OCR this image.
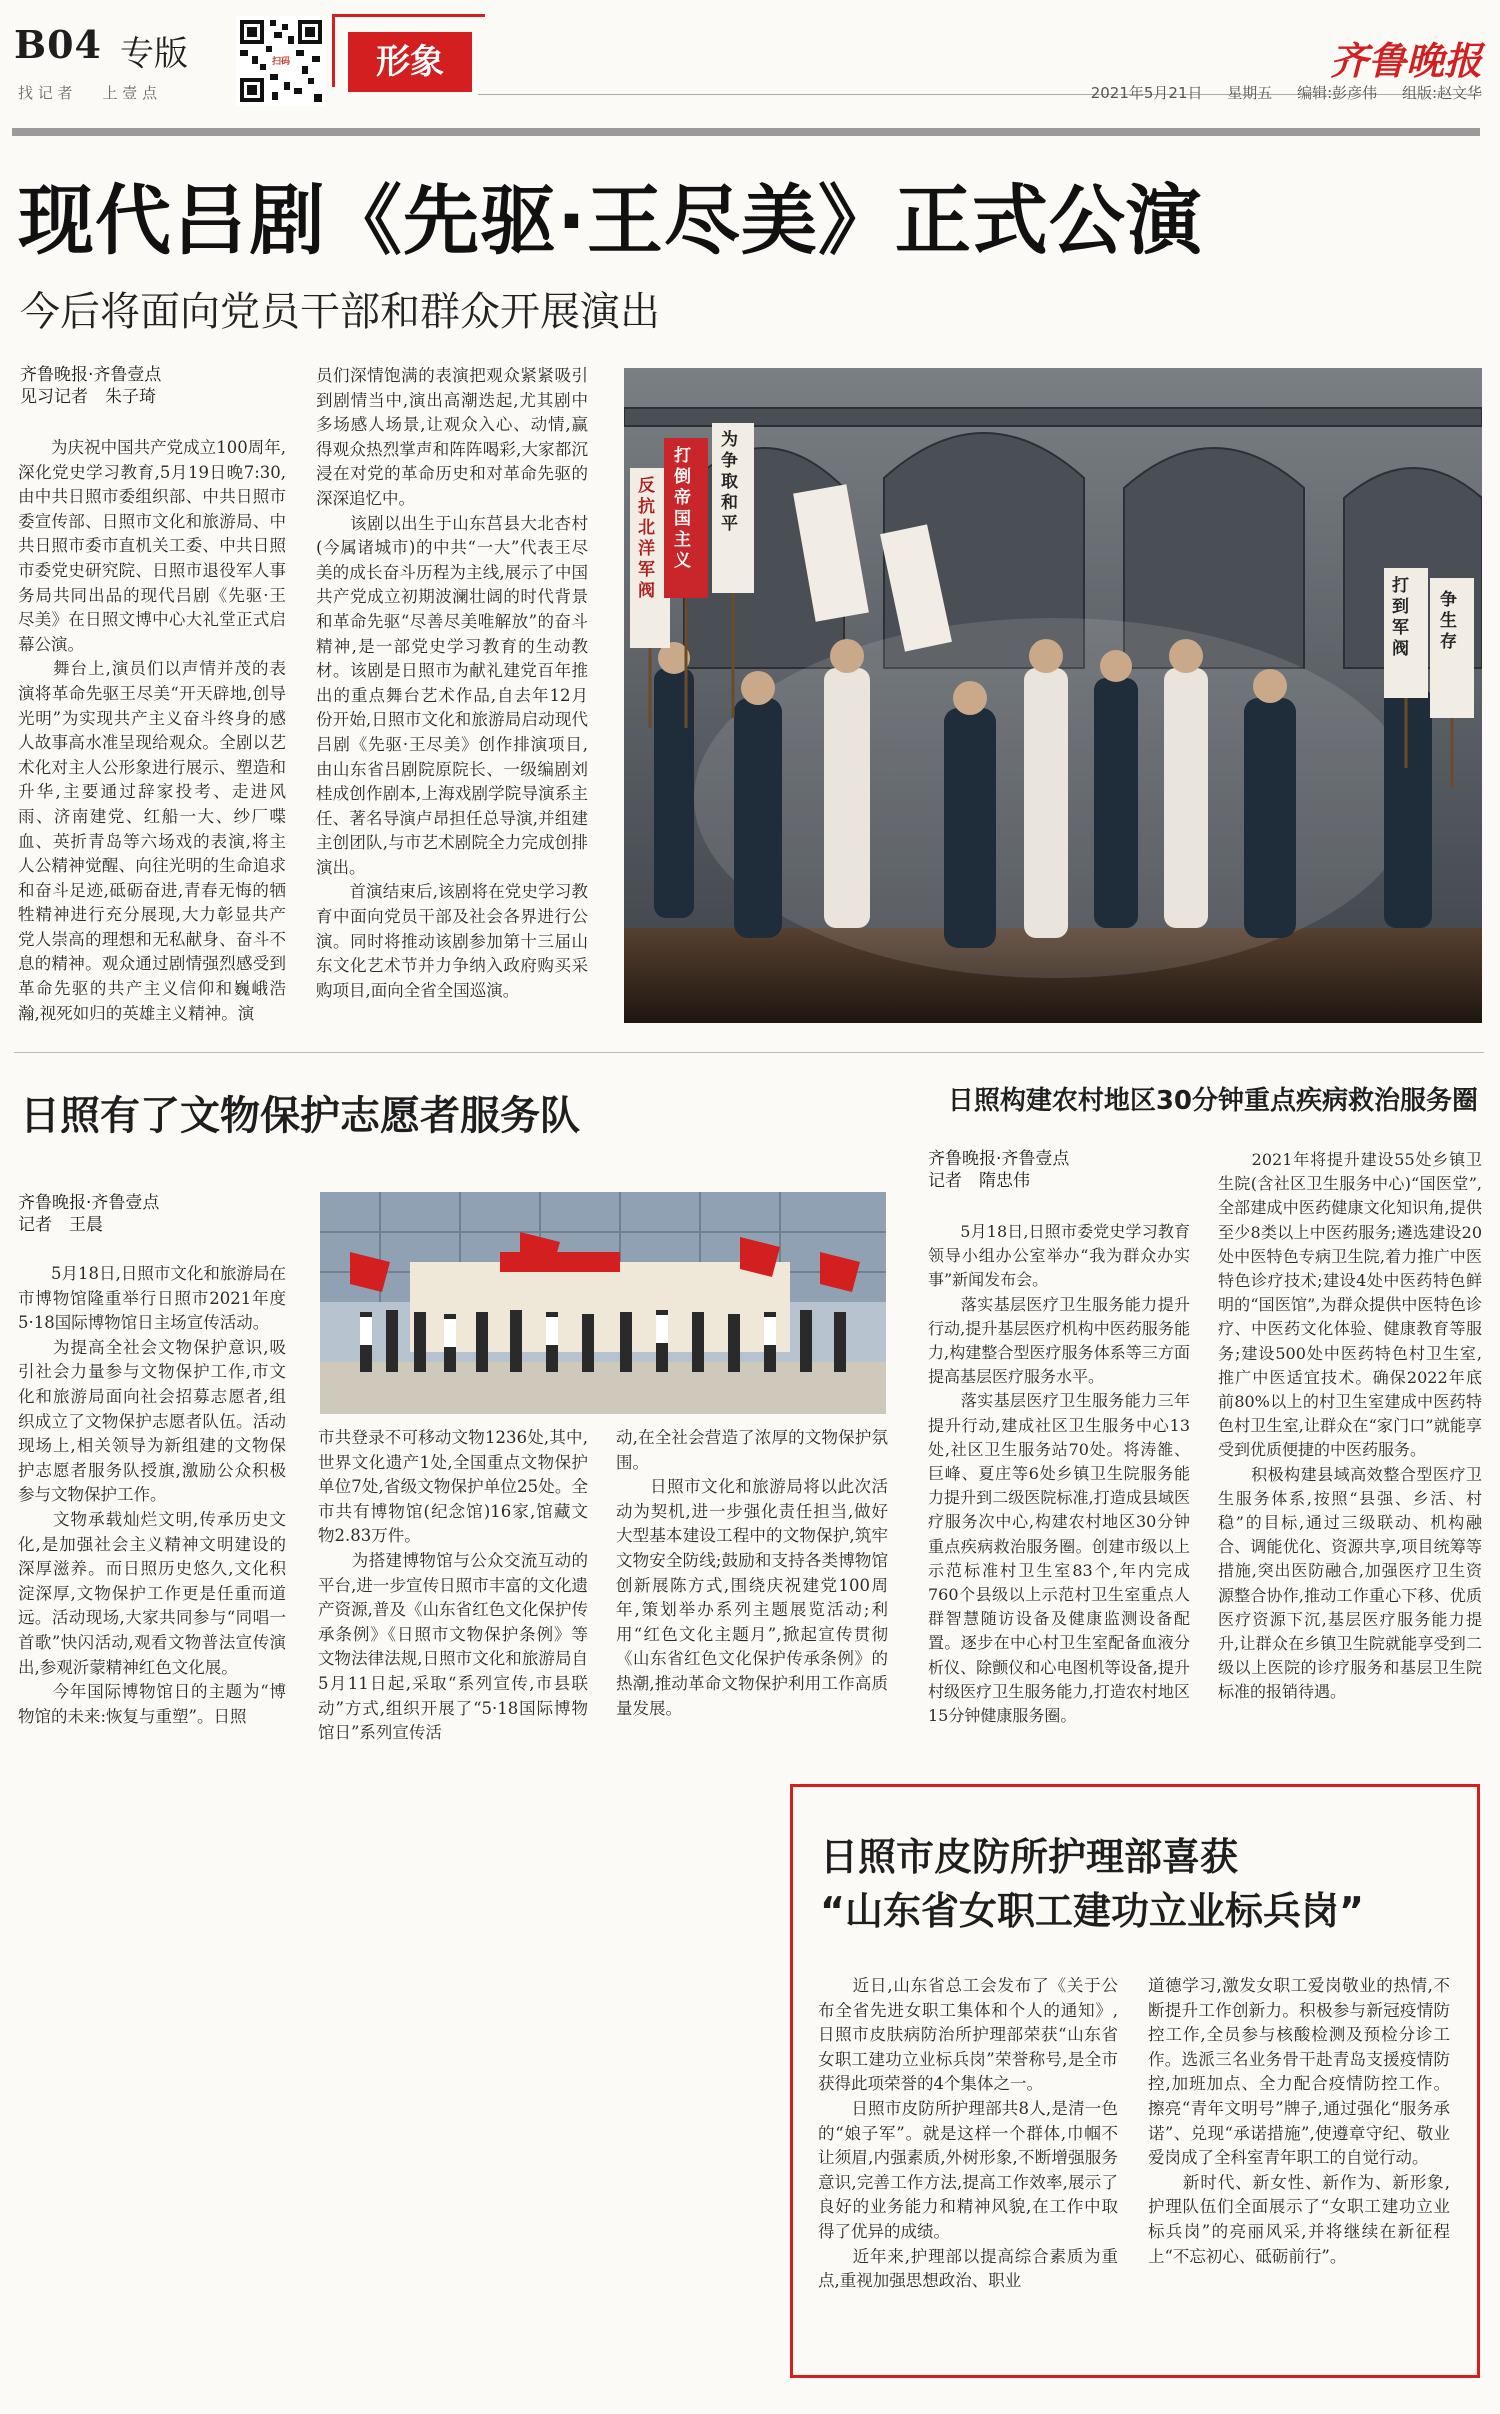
B04 专版
找 记 者　　上 壹 点
扫码	形象	齐鲁晚报
2021年5月21日 星期五 编辑:彭彦伟 组版:赵文华
现代吕剧《先驱·王尽美》正式公演
今后将面向党员干部和群众开展演出
齐鲁晚报·齐鲁壹点
见习记者　朱子琦
　　为庆祝中国共产党成立100周年,深化党史学习教育,5月19日晚7:30,由中共日照市委组织部、中共日照市委宣传部、日照市文化和旅游局、中共日照市委市直机关工委、中共日照市委党史研究院、日照市退役军人事务局共同出品的现代吕剧《先驱·王尽美》在日照文博中心大礼堂正式启幕公演。
　　舞台上,演员们以声情并茂的表演将革命先驱王尽美“开天辟地,创导光明”为实现共产主义奋斗终身的感人故事高水准呈现给观众。全剧以艺术化对主人公形象进行展示、塑造和升华,主要通过辞家投考、走进风雨、济南建党、红船一大、纱厂喋血、英折青岛等六场戏的表演,将主人公精神觉醒、向往光明的生命追求和奋斗足迹,砥砺奋进,青春无悔的牺牲精神进行充分展现,大力彰显共产党人崇高的理想和无私献身、奋斗不息的精神。观众通过剧情强烈感受到革命先驱的共产主义信仰和巍峨浩瀚,视死如归的英雄主义精神。演
员们深情饱满的表演把观众紧紧吸引到剧情当中,演出高潮迭起,尤其剧中多场感人场景,让观众入心、动情,赢得观众热烈掌声和阵阵喝彩,大家都沉浸在对党的革命历史和对革命先驱的深深追忆中。
　　该剧以出生于山东莒县大北杏村(今属诸城市)的中共“一大”代表王尽美的成长奋斗历程为主线,展示了中国共产党成立初期波澜壮阔的时代背景和革命先驱“尽善尽美唯解放”的奋斗精神,是一部党史学习教育的生动教材。该剧是日照市为献礼建党百年推出的重点舞台艺术作品,自去年12月份开始,日照市文化和旅游局启动现代吕剧《先驱·王尽美》创作排演项目,由山东省吕剧院原院长、一级编剧刘桂成创作剧本,上海戏剧学院导演系主任、著名导演卢昂担任总导演,并组建主创团队,与市艺术剧院全力完成创排演出。
　　首演结束后,该剧将在党史学习教育中面向党员干部及社会各界进行公演。同时将推动该剧参加第十三届山东文化艺术节并力争纳入政府购买采购项目,面向全省全国巡演。
反抗北洋军阀
打倒帝国主义
为争取和平
打到军阀
争生存
日照有了文物保护志愿者服务队
齐鲁晚报·齐鲁壹点
记者　王晨
　　5月18日,日照市文化和旅游局在市博物馆隆重举行日照市2021年度5·18国际博物馆日主场宣传活动。
　　为提高全社会文物保护意识,吸引社会力量参与文物保护工作,市文化和旅游局面向社会招募志愿者,组织成立了文物保护志愿者队伍。活动现场上,相关领导为新组建的文物保护志愿者服务队授旗,激励公众积极参与文物保护工作。
　　文物承载灿烂文明,传承历史文化,是加强社会主义精神文明建设的深厚滋养。而日照历史悠久,文化积淀深厚,文物保护工作更是任重而道远。活动现场,大家共同参与“同唱一首歌”快闪活动,观看文物普法宣传演出,参观沂蒙精神红色文化展。
　　今年国际博物馆日的主题为“博物馆的未来:恢复与重塑”。日照
市共登录不可移动文物1236处,其中,世界文化遗产1处,全国重点文物保护单位7处,省级文物保护单位25处。全市共有博物馆(纪念馆)16家,馆藏文物2.83万件。
　　为搭建博物馆与公众交流互动的平台,进一步宣传日照市丰富的文化遗产资源,普及《山东省红色文化保护传承条例》《日照市文物保护条例》等文物法律法规,日照市文化和旅游局自5月11日起,采取“系列宣传,市县联动”方式,组织开展了“5·18国际博物馆日”系列宣传活
动,在全社会营造了浓厚的文物保护氛围。
　　日照市文化和旅游局将以此次活动为契机,进一步强化责任担当,做好大型基本建设工程中的文物保护,筑牢文物安全防线;鼓励和支持各类博物馆创新展陈方式,围绕庆祝建党100周年,策划举办系列主题展览活动;利用“红色文化主题月”,掀起宣传贯彻《山东省红色文化保护传承条例》的热潮,推动革命文物保护利用工作高质量发展。
日照构建农村地区30分钟重点疾病救治服务圈
齐鲁晚报·齐鲁壹点
记者　隋忠伟
　　5月18日,日照市委党史学习教育领导小组办公室举办“我为群众办实事”新闻发布会。
　　落实基层医疗卫生服务能力提升行动,提升基层医疗机构中医药服务能力,构建整合型医疗服务体系等三方面提高基层医疗服务水平。
　　落实基层医疗卫生服务能力三年提升行动,建成社区卫生服务中心13处,社区卫生服务站70处。将涛雒、巨峰、夏庄等6处乡镇卫生院服务能力提升到二级医院标准,打造成县域医疗服务次中心,构建农村地区30分钟重点疾病救治服务圈。创建市级以上示范标准村卫生室83个,年内完成760个县级以上示范村卫生室重点人群智慧随访设备及健康监测设备配置。逐步在中心村卫生室配备血液分析仪、除颤仪和心电图机等设备,提升村级医疗卫生服务能力,打造农村地区15分钟健康服务圈。
　　2021年将提升建设55处乡镇卫生院(含社区卫生服务中心)“国医堂”,全部建成中医药健康文化知识角,提供至少8类以上中医药服务;遴选建设20处中医特色专病卫生院,着力推广中医特色诊疗技术;建设4处中医药特色鲜明的“国医馆”,为群众提供中医特色诊疗、中医药文化体验、健康教育等服务;建设500处中医药特色村卫生室,推广中医适宜技术。确保2022年底前80%以上的村卫生室建成中医药特色村卫生室,让群众在“家门口”就能享受到优质便捷的中医药服务。
　　积极构建县域高效整合型医疗卫生服务体系,按照“县强、乡活、村稳”的目标,通过三级联动、机构融合、调能优化、资源共享,项目统筹等措施,突出医防融合,加强医疗卫生资源整合协作,推动工作重心下移、优质医疗资源下沉,基层医疗服务能力提升,让群众在乡镇卫生院就能享受到二级以上医院的诊疗服务和基层卫生院标准的报销待遇。
日照市皮防所护理部喜获
“山东省女职工建功立业标兵岗”
　　近日,山东省总工会发布了《关于公布全省先进女职工集体和个人的通知》,日照市皮肤病防治所护理部荣获“山东省女职工建功立业标兵岗”荣誉称号,是全市获得此项荣誉的4个集体之一。
　　日照市皮防所护理部共8人,是清一色的“娘子军”。就是这样一个群体,巾帼不让须眉,内强素质,外树形象,不断增强服务意识,完善工作方法,提高工作效率,展示了良好的业务能力和精神风貌,在工作中取得了优异的成绩。
　　近年来,护理部以提高综合素质为重点,重视加强思想政治、职业
道德学习,激发女职工爱岗敬业的热情,不断提升工作创新力。积极参与新冠疫情防控工作,全员参与核酸检测及预检分诊工作。选派三名业务骨干赴青岛支援疫情防控,加班加点、全力配合疫情防控工作。擦亮“青年文明号”牌子,通过强化“服务承诺”、兑现“承诺措施”,使遵章守纪、敬业爱岗成了全科室青年职工的自觉行动。
　　新时代、新女性、新作为、新形象,护理队伍们全面展示了“女职工建功立业标兵岗”的亮丽风采,并将继续在新征程上“不忘初心、砥砺前行”。
